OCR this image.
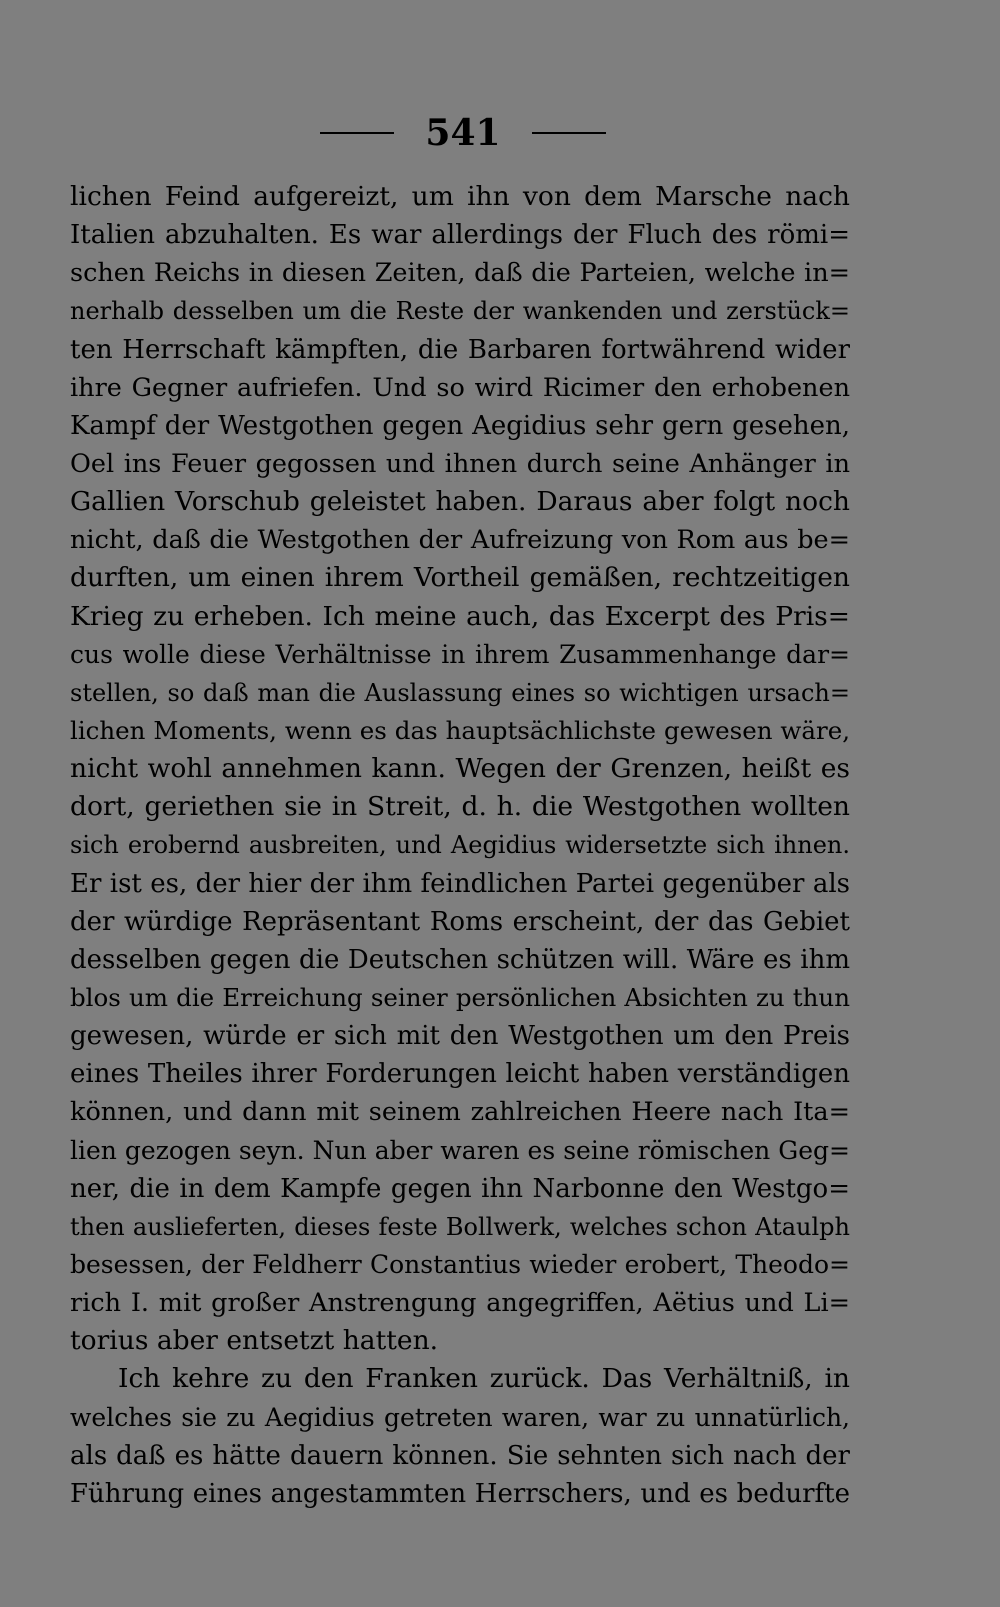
541
lichen Feind aufgereizt, um ihn von dem Marsche nach
Italien abzuhalten. Es war allerdings der Fluch des römi=
schen Reichs in diesen Zeiten, daß die Parteien, welche in=
nerhalb desselben um die Reste der wankenden und zerstück=
ten Herrschaft kämpften, die Barbaren fortwährend wider
ihre Gegner aufriefen. Und so wird Ricimer den erhobenen
Kampf der Westgothen gegen Aegidius sehr gern gesehen,
Oel ins Feuer gegossen und ihnen durch seine Anhänger in
Gallien Vorschub geleistet haben. Daraus aber folgt noch
nicht, daß die Westgothen der Aufreizung von Rom aus be=
durften, um einen ihrem Vortheil gemäßen, rechtzeitigen
Krieg zu erheben. Ich meine auch, das Excerpt des Pris=
cus wolle diese Verhältnisse in ihrem Zusammenhange dar=
stellen, so daß man die Auslassung eines so wichtigen ursach=
lichen Moments, wenn es das hauptsächlichste gewesen wäre,
nicht wohl annehmen kann. Wegen der Grenzen, heißt es
dort, geriethen sie in Streit, d. h. die Westgothen wollten
sich erobernd ausbreiten, und Aegidius widersetzte sich ihnen.
Er ist es, der hier der ihm feindlichen Partei gegenüber als
der würdige Repräsentant Roms erscheint, der das Gebiet
desselben gegen die Deutschen schützen will. Wäre es ihm
blos um die Erreichung seiner persönlichen Absichten zu thun
gewesen, würde er sich mit den Westgothen um den Preis
eines Theiles ihrer Forderungen leicht haben verständigen
können, und dann mit seinem zahlreichen Heere nach Ita=
lien gezogen seyn. Nun aber waren es seine römischen Geg=
ner, die in dem Kampfe gegen ihn Narbonne den Westgo=
then auslieferten, dieses feste Bollwerk, welches schon Ataulph
besessen, der Feldherr Constantius wieder erobert, Theodo=
rich I. mit großer Anstrengung angegriffen, Aëtius und Li=
torius aber entsetzt hatten.
Ich kehre zu den Franken zurück. Das Verhältniß, in
welches sie zu Aegidius getreten waren, war zu unnatürlich,
als daß es hätte dauern können. Sie sehnten sich nach der
Führung eines angestammten Herrschers, und es bedurfte
